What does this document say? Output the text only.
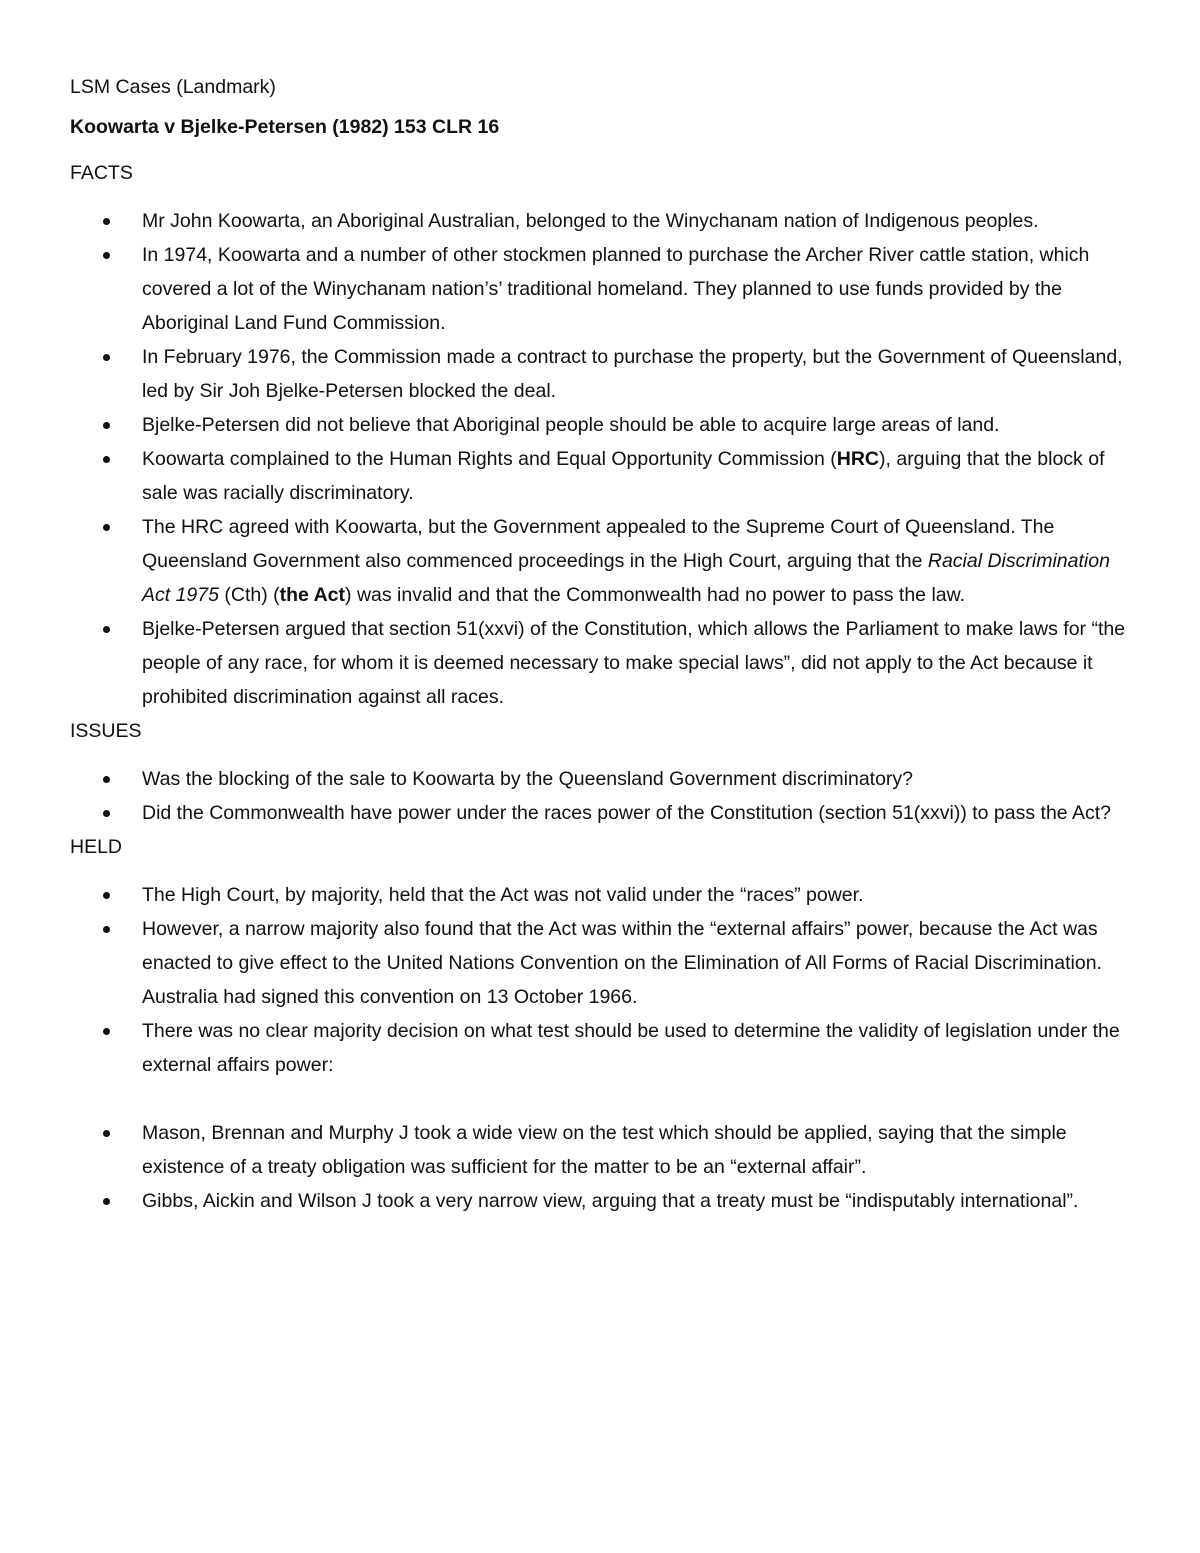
LSM Cases (Landmark)

Koowarta v Bjelke-Petersen (1982) 153 CLR 16

FACTS

Mr John Koowarta, an Aboriginal Australian, belonged to the Winychanam nation of Indigenous peoples.
In 1974, Koowarta and a number of other stockmen planned to purchase the Archer River cattle station, which covered a lot of the Winychanam nation’s’ traditional homeland. They planned to use funds provided by the Aboriginal Land Fund Commission.
In February 1976, the Commission made a contract to purchase the property, but the Government of Queensland, led by Sir Joh Bjelke-Petersen blocked the deal.
Bjelke-Petersen did not believe that Aboriginal people should be able to acquire large areas of land.
Koowarta complained to the Human Rights and Equal Opportunity Commission (HRC), arguing that the block of sale was racially discriminatory.
The HRC agreed with Koowarta, but the Government appealed to the Supreme Court of Queensland. The Queensland Government also commenced proceedings in the High Court, arguing that the Racial Discrimination Act 1975 (Cth) (the Act) was invalid and that the Commonwealth had no power to pass the law.
Bjelke-Petersen argued that section 51(xxvi) of the Constitution, which allows the Parliament to make laws for “the people of any race, for whom it is deemed necessary to make special laws”, did not apply to the Act because it prohibited discrimination against all races.

ISSUES

Was the blocking of the sale to Koowarta by the Queensland Government discriminatory?
Did the Commonwealth have power under the races power of the Constitution (section 51(xxvi)) to pass the Act?

HELD

The High Court, by majority, held that the Act was not valid under the “races” power.
However, a narrow majority also found that the Act was within the “external affairs” power, because the Act was enacted to give effect to the United Nations Convention on the Elimination of All Forms of Racial Discrimination. Australia had signed this convention on 13 October 1966.
There was no clear majority decision on what test should be used to determine the validity of legislation under the external affairs power:
Mason, Brennan and Murphy J took a wide view on the test which should be applied, saying that the simple existence of a treaty obligation was sufficient for the matter to be an “external affair”.
Gibbs, Aickin and Wilson J took a very narrow view, arguing that a treaty must be “indisputably international”.
